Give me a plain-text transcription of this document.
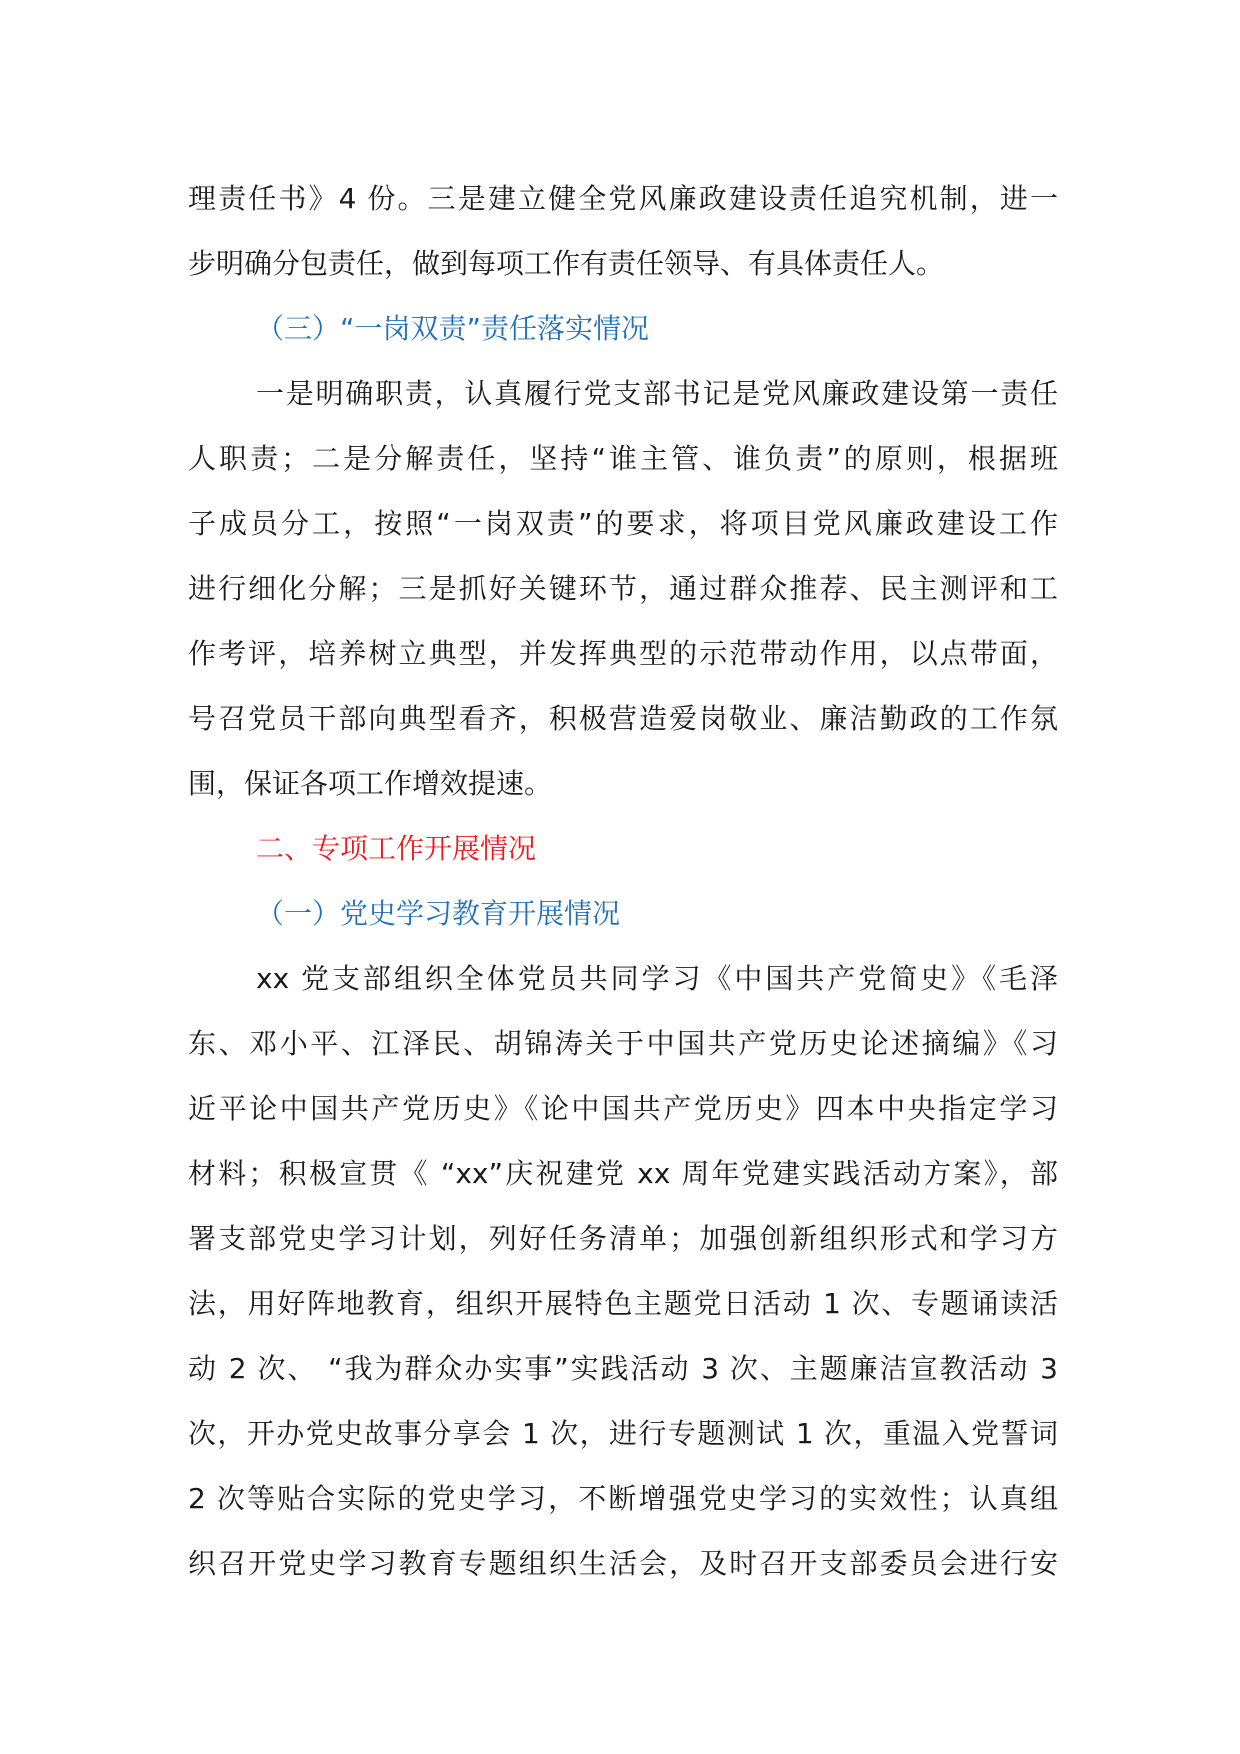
理责任书》4 份。三是建立健全党风廉政建设责任追究机制，进一
步明确分包责任，做到每项工作有责任领导、有具体责任人。
（三）“一岗双责”责任落实情况
一是明确职责，认真履行党支部书记是党风廉政建设第一责任
人职责；二是分解责任，坚持“谁主管、谁负责”的原则，根据班
子成员分工，按照“一岗双责”的要求，将项目党风廉政建设工作
进行细化分解；三是抓好关键环节，通过群众推荐、民主测评和工
作考评，培养树立典型，并发挥典型的示范带动作用，以点带面，
号召党员干部向典型看齐，积极营造爱岗敬业、廉洁勤政的工作氛
围，保证各项工作增效提速。
二、专项工作开展情况
（一）党史学习教育开展情况
xx 党支部组织全体党员共同学习《中国共产党简史》《毛泽
东、邓小平、江泽民、胡锦涛关于中国共产党历史论述摘编》《习
近平论中国共产党历史》《论中国共产党历史》四本中央指定学习
材料；积极宣贯《 “xx”庆祝建党 xx 周年党建实践活动方案》，部
署支部党史学习计划，列好任务清单；加强创新组织形式和学习方
法，用好阵地教育，组织开展特色主题党日活动 1 次、专题诵读活
动 2 次、 “我为群众办实事”实践活动 3 次、主题廉洁宣教活动 3
次，开办党史故事分享会 1 次，进行专题测试 1 次，重温入党誓词
2 次等贴合实际的党史学习，不断增强党史学习的实效性；认真组
织召开党史学习教育专题组织生活会，及时召开支部委员会进行安
